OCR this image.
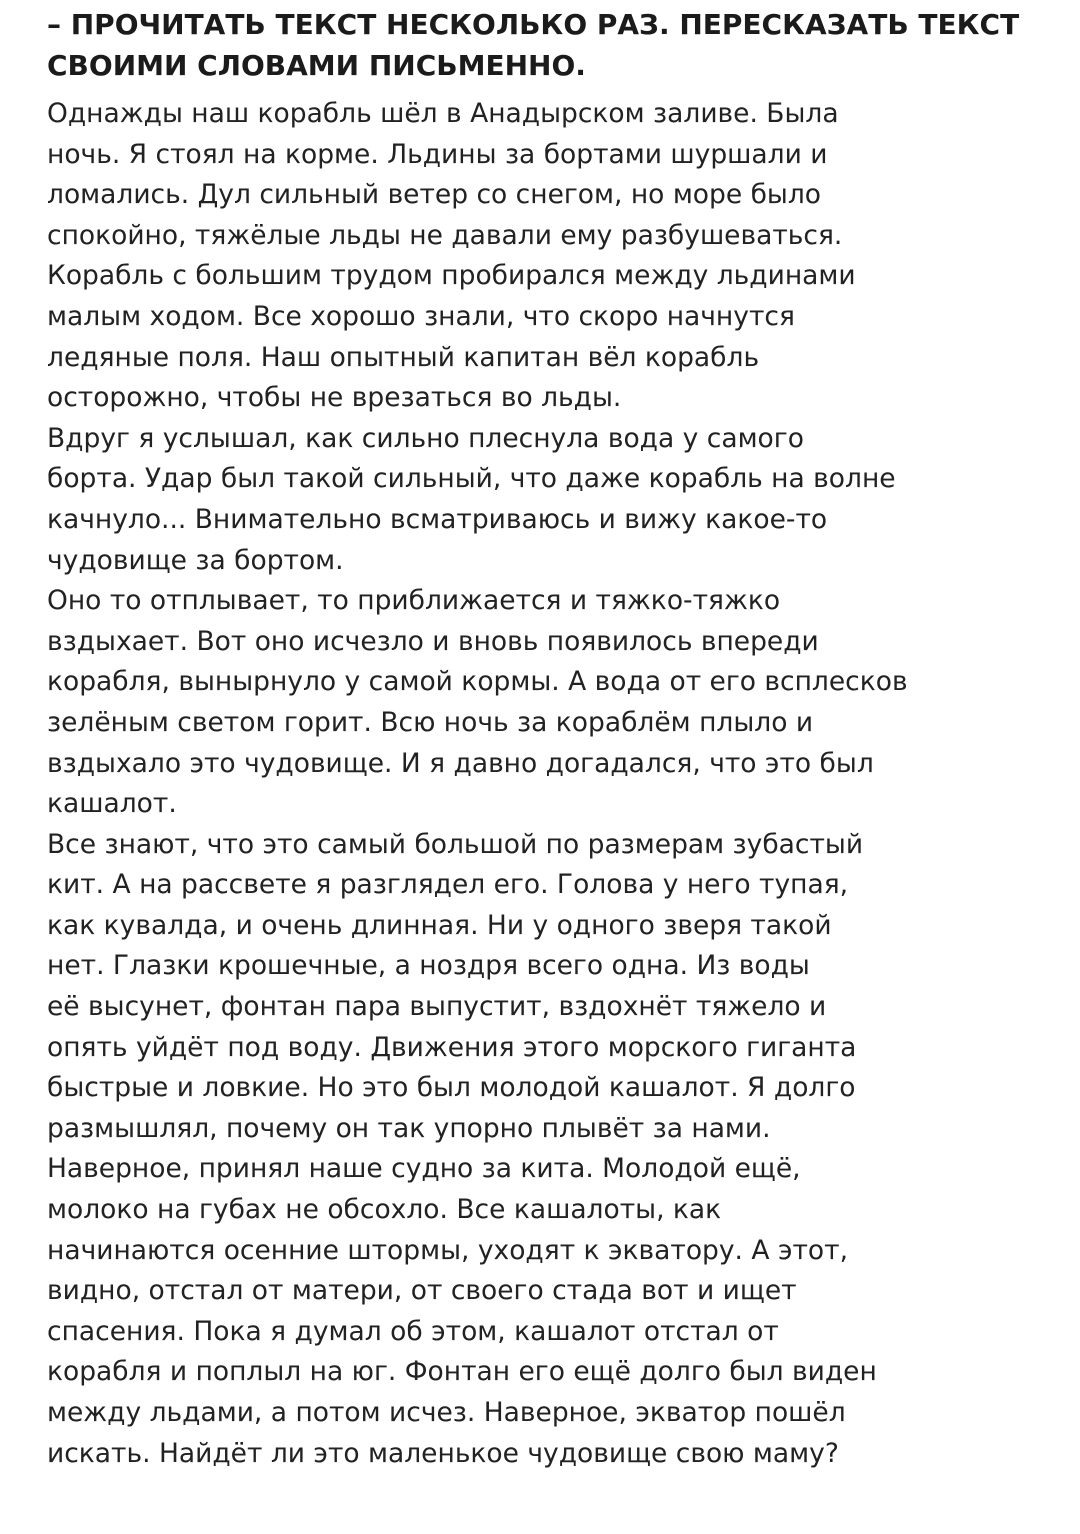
– ПРОЧИТАТЬ ТЕКСТ НЕСКОЛЬКО РАЗ. ПЕРЕСКАЗАТЬ ТЕКСТ
СВОИМИ СЛОВАМИ ПИСЬМЕННО.
Однажды наш корабль шёл в Анадырском заливе. Была
ночь. Я стоял на корме. Льдины за бортами шуршали и
ломались. Дул сильный ветер со снегом, но море было
спокойно, тяжёлые льды не давали ему разбушеваться.
Корабль с большим трудом пробирался между льдинами
малым ходом. Все хорошо знали, что скоро начнутся
ледяные поля. Наш опытный капитан вёл корабль
осторожно, чтобы не врезаться во льды.
Вдруг я услышал, как сильно плеснула вода у самого
борта. Удар был такой сильный, что даже корабль на волне
качнуло... Внимательно всматриваюсь и вижу какое-то
чудовище за бортом.
Оно то отплывает, то приближается и тяжко-тяжко
вздыхает. Вот оно исчезло и вновь появилось впереди
корабля, вынырнуло у самой кормы. А вода от его всплесков
зелёным светом горит. Всю ночь за кораблём плыло и
вздыхало это чудовище. И я давно догадался, что это был
кашалот.
Все знают, что это самый большой по размерам зубастый
кит. А на рассвете я разглядел его. Голова у него тупая,
как кувалда, и очень длинная. Ни у одного зверя такой
нет. Глазки крошечные, а ноздря всего одна. Из воды
её высунет, фонтан пара выпустит, вздохнёт тяжело и
опять уйдёт под воду. Движения этого морского гиганта
быстрые и ловкие. Но это был молодой кашалот. Я долго
размышлял, почему он так упорно плывёт за нами.
Наверное, принял наше судно за кита. Молодой ещё,
молоко на губах не обсохло. Все кашалоты, как
начинаются осенние штормы, уходят к экватору. А этот,
видно, отстал от матери, от своего стада вот и ищет
спасения. Пока я думал об этом, кашалот отстал от
корабля и поплыл на юг. Фонтан его ещё долго был виден
между льдами, а потом исчез. Наверное, экватор пошёл
искать. Найдёт ли это маленькое чудовище свою маму?
